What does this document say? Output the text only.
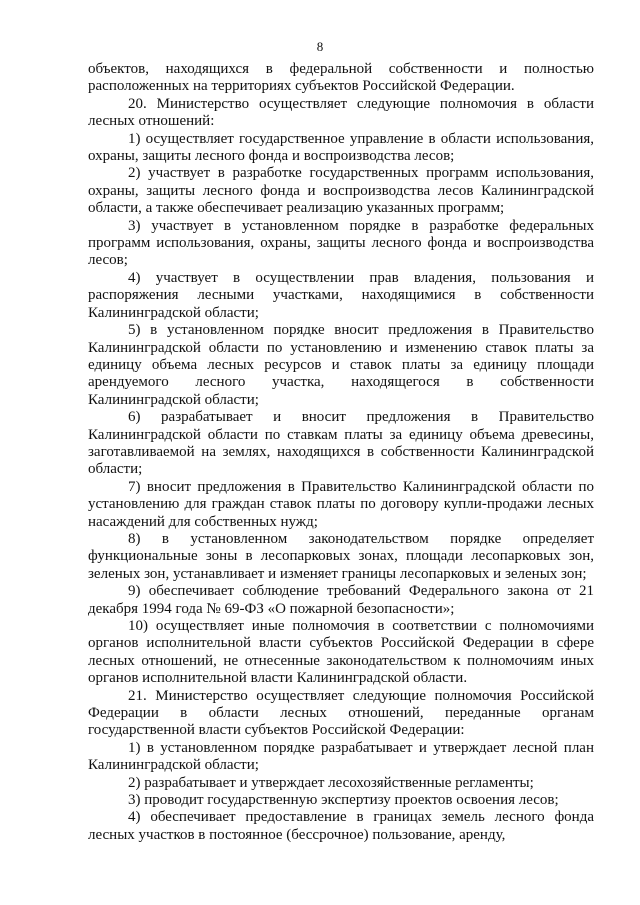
8

объектов, находящихся в федеральной собственности и полностью расположенных на территориях субъектов Российской Федерации.

20. Министерство осуществляет следующие полномочия в области лесных отношений:

1) осуществляет государственное управление в области использования, охраны, защиты лесного фонда и воспроизводства лесов;

2) участвует в разработке государственных программ использования, охраны, защиты лесного фонда и воспроизводства лесов Калининградской области, а также обеспечивает реализацию указанных программ;

3) участвует в установленном порядке в разработке федеральных программ использования, охраны, защиты лесного фонда и воспроизводства лесов;

4) участвует в осуществлении прав владения, пользования и распоряжения лесными участками, находящимися в собственности Калининградской области;

5) в установленном порядке вносит предложения в Правительство Калининградской области по установлению и изменению ставок платы за единицу объема лесных ресурсов и ставок платы за единицу площади арендуемого лесного участка, находящегося в собственности Калининградской области;

6) разрабатывает и вносит предложения в Правительство Калининградской области по ставкам платы за единицу объема древесины, заготавливаемой на землях, находящихся в собственности Калининградской области;

7) вносит предложения в Правительство Калининградской области по установлению для граждан ставок платы по договору купли-продажи лесных насаждений для собственных нужд;

8) в установленном законодательством порядке определяет функциональные зоны в лесопарковых зонах, площади лесопарковых зон, зеленых зон, устанавливает и изменяет границы лесопарковых и зеленых зон;

9) обеспечивает соблюдение требований Федерального закона от 21 декабря 1994 года № 69-ФЗ «О пожарной безопасности»;

10) осуществляет иные полномочия в соответствии с полномочиями органов исполнительной власти субъектов Российской Федерации в сфере лесных отношений, не отнесенные законодательством к полномочиям иных органов исполнительной власти Калининградской области.

21. Министерство осуществляет следующие полномочия Российской Федерации в области лесных отношений, переданные органам государственной власти субъектов Российской Федерации:

1) в установленном порядке разрабатывает и утверждает лесной план Калининградской области;

2) разрабатывает и утверждает лесохозяйственные регламенты;

3) проводит государственную экспертизу проектов освоения лесов;

4) обеспечивает предоставление в границах земель лесного фонда лесных участков в постоянное (бессрочное) пользование, аренду,
